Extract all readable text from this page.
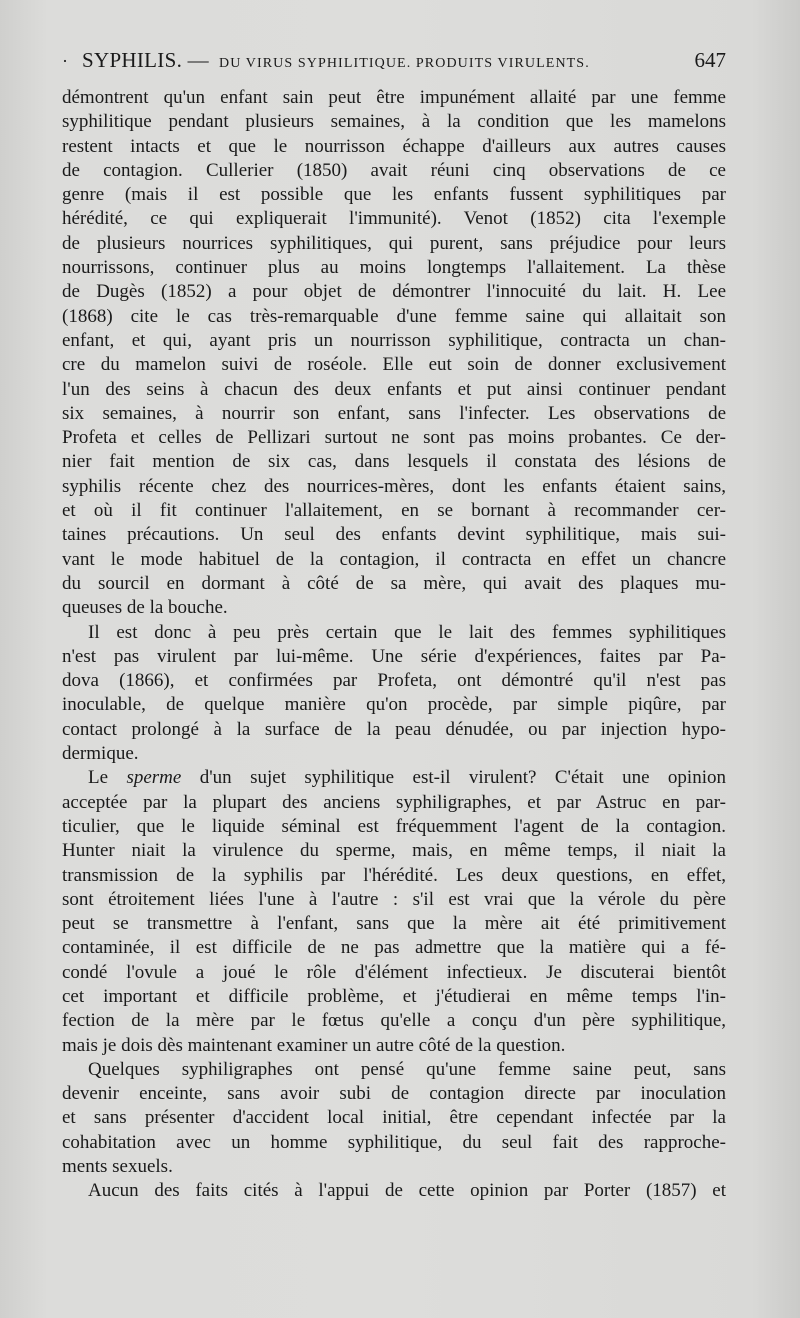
· SYPHILIS. — DU VIRUS SYPHILITIQUE. PRODUITS VIRULENTS.	647
démontrent qu'un enfant sain peut être impunément allaité par une femme
syphilitique pendant plusieurs semaines, à la condition que les mamelons
restent intacts et que le nourrisson échappe d'ailleurs aux autres causes
de contagion. Cullerier (1850) avait réuni cinq observations de ce
genre (mais il est possible que les enfants fussent syphilitiques par
hérédité, ce qui expliquerait l'immunité). Venot (1852) cita l'exemple
de plusieurs nourrices syphilitiques, qui purent, sans préjudice pour leurs
nourrissons, continuer plus au moins longtemps l'allaitement. La thèse
de Dugès (1852) a pour objet de démontrer l'innocuité du lait. H. Lee
(1868) cite le cas très-remarquable d'une femme saine qui allaitait son
enfant, et qui, ayant pris un nourrisson syphilitique, contracta un chan-
cre du mamelon suivi de roséole. Elle eut soin de donner exclusivement
l'un des seins à chacun des deux enfants et put ainsi continuer pendant
six semaines, à nourrir son enfant, sans l'infecter. Les observations de
Profeta et celles de Pellizari surtout ne sont pas moins probantes. Ce der-
nier fait mention de six cas, dans lesquels il constata des lésions de
syphilis récente chez des nourrices-mères, dont les enfants étaient sains,
et où il fit continuer l'allaitement, en se bornant à recommander cer-
taines précautions. Un seul des enfants devint syphilitique, mais sui-
vant le mode habituel de la contagion, il contracta en effet un chancre
du sourcil en dormant à côté de sa mère, qui avait des plaques mu-
queuses de la bouche.
Il est donc à peu près certain que le lait des femmes syphilitiques
n'est pas virulent par lui-même. Une série d'expériences, faites par Pa-
dova (1866), et confirmées par Profeta, ont démontré qu'il n'est pas
inoculable, de quelque manière qu'on procède, par simple piqûre, par
contact prolongé à la surface de la peau dénudée, ou par injection hypo-
dermique.
Le sperme d'un sujet syphilitique est-il virulent? C'était une opinion
acceptée par la plupart des anciens syphiligraphes, et par Astruc en par-
ticulier, que le liquide séminal est fréquemment l'agent de la contagion.
Hunter niait la virulence du sperme, mais, en même temps, il niait la
transmission de la syphilis par l'hérédité. Les deux questions, en effet,
sont étroitement liées l'une à l'autre : s'il est vrai que la vérole du père
peut se transmettre à l'enfant, sans que la mère ait été primitivement
contaminée, il est difficile de ne pas admettre que la matière qui a fé-
condé l'ovule a joué le rôle d'élément infectieux. Je discuterai bientôt
cet important et difficile problème, et j'étudierai en même temps l'in-
fection de la mère par le fœtus qu'elle a conçu d'un père syphilitique,
mais je dois dès maintenant examiner un autre côté de la question.
Quelques syphiligraphes ont pensé qu'une femme saine peut, sans
devenir enceinte, sans avoir subi de contagion directe par inoculation
et sans présenter d'accident local initial, être cependant infectée par la
cohabitation avec un homme syphilitique, du seul fait des rapproche-
ments sexuels.
Aucun des faits cités à l'appui de cette opinion par Porter (1857) et
